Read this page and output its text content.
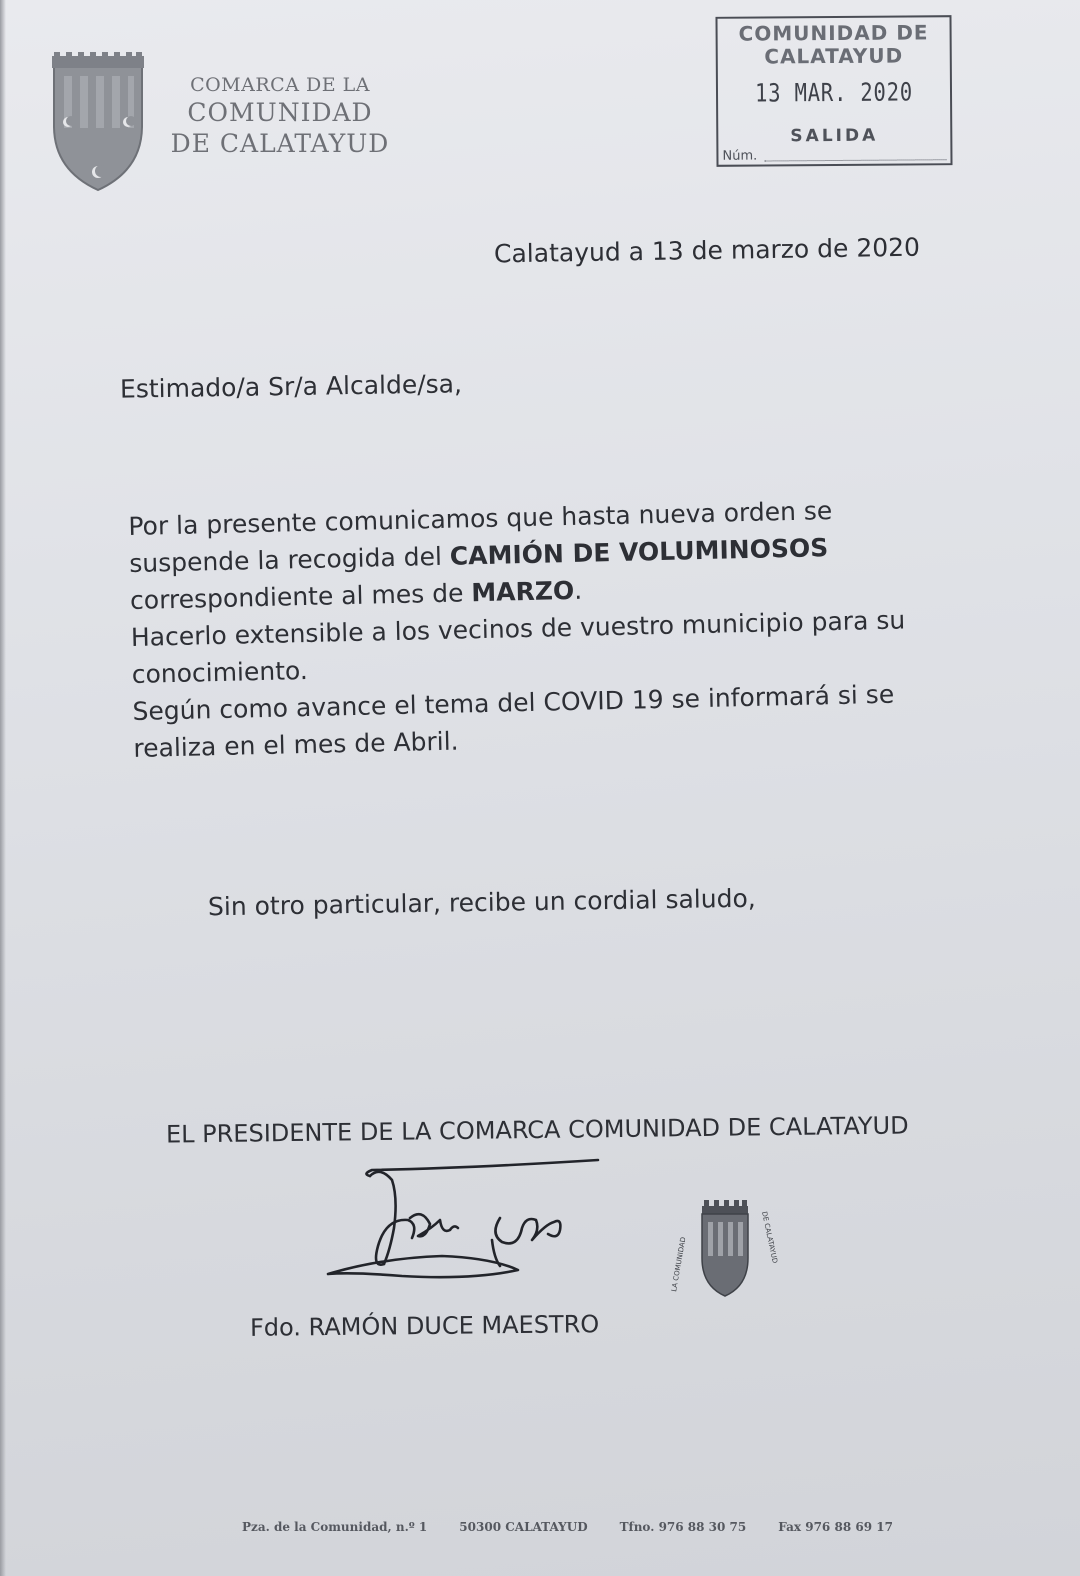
COMARCA DE LA
COMUNIDAD
DE CALATAYUD
COMUNIDAD DE
CALATAYUD
13 MAR. 2020
SALIDA
Núm.
Calatayud a 13 de marzo de 2020
Estimado/a Sr/a Alcalde/sa,

Por la presente comunicamos que hasta nueva orden se suspende la recogida del CAMIÓN DE VOLUMINOSOS correspondiente al mes de MARZO.

Hacerlo extensible a los vecinos de vuestro municipio para su conocimiento.

Según como avance el tema del COVID 19 se informará si se realiza en el mes de Abril.

Sin otro particular, recibe un cordial saludo,
EL PRESIDENTE DE LA COMARCA COMUNIDAD DE CALATAYUD
LA COMUNIDAD	DE CALATAYUD
Fdo. RAMÓN DUCE MAESTRO
Pza. de la Comunidad, n.º 1	50300 CALATAYUD	Tfno. 976 88 30 75	Fax 976 88 69 17
